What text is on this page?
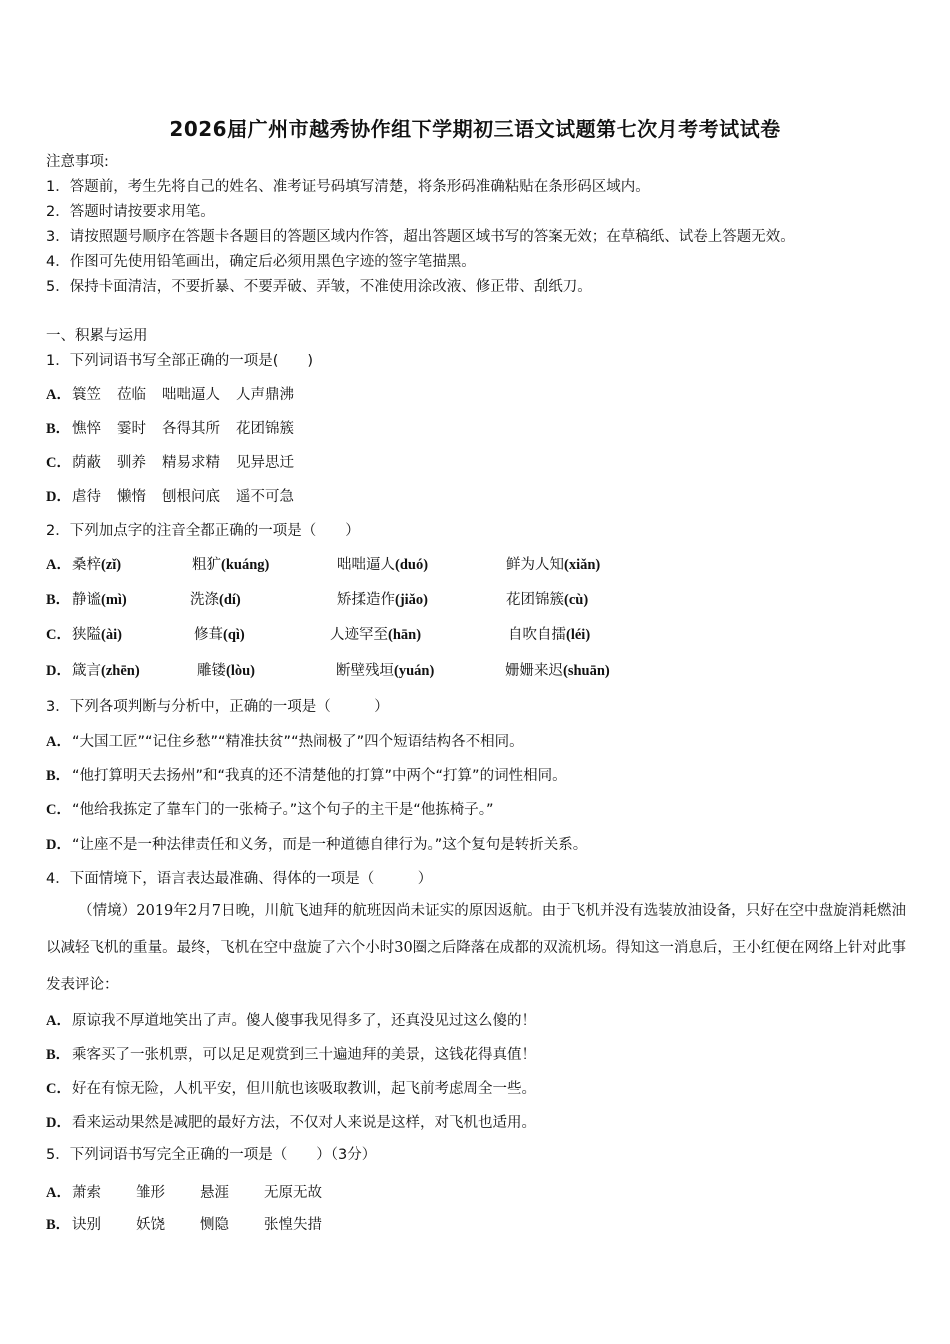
2026届广州市越秀协作组下学期初三语文试题第七次月考考试试卷
注意事项:
1．答题前，考生先将自己的姓名、准考证号码填写清楚，将条形码准确粘贴在条形码区域内。
2．答题时请按要求用笔。
3．请按照题号顺序在答题卡各题目的答题区域内作答，超出答题区域书写的答案无效；在草稿纸、试卷上答题无效。
4．作图可先使用铅笔画出，确定后必须用黑色字迹的签字笔描黑。
5．保持卡面清洁，不要折暴、不要弄破、弄皱，不准使用涂改液、修正带、刮纸刀。
一、积累与运用
1．下列词语书写全部正确的一项是(　　)
A．簑笠 莅临 咄咄逼人 人声鼎沸
B． 憔悴 霎时 各得其所 花团锦簇
C．荫蔽 驯养 精易求精 见异思迁
D．虐待 懒惰 刨根问底 遥不可急
2．下列加点字的注音全都正确的一项是（　　）
A．桑梓(zǐ)	粗犷(kuáng)	咄咄逼人(duó)	鲜为人知(xiǎn)
B． 静谧(mì)	洗涤(dí)	矫揉造作(jiǎo)	花团锦簇(cù)
C．狭隘(ài)	修葺(qì)	人迹罕至(hān)	自吹自擂(léi)
D．箴言(zhēn)	雕镂(lòu)	断壁残垣(yuán)	姗姗来迟(shuān)
3．下列各项判断与分析中，正确的一项是（　　　）
A．“大国工匠”“记住乡愁”“精准扶贫”“热闹极了”四个短语结构各不相同。
B． “他打算明天去扬州”和“我真的还不清楚他的打算”中两个“打算”的词性相同。
C．“他给我拣定了靠车门的一张椅子。”这个句子的主干是“他拣椅子。”
D．“让座不是一种法律责任和义务，而是一种道德自律行为。”这个复句是转折关系。
4．下面情境下，语言表达最准确、得体的一项是（　　　）
（情境）2019年2月7日晚，川航飞迪拜的航班因尚未证实的原因返航。由于飞机并没有选装放油设备，只好在空中盘旋消耗燃油以减轻飞机的重量。最终，飞机在空中盘旋了六个小时30圈之后降落在成都的双流机场。得知这一消息后，王小红便在网络上针对此事发表评论：
A．原谅我不厚道地笑出了声。傻人傻事我见得多了，还真没见过这么傻的！
B． 乘客买了一张机票，可以足足观赏到三十遍迪拜的美景，这钱花得真值！
C．好在有惊无险，人机平安，但川航也该吸取教训，起飞前考虑周全一些。
D．看来运动果然是减肥的最好方法，不仅对人来说是这样，对飞机也适用。
5．下列词语书写完全正确的一项是（　　）（3分）
A．萧索 雏形 悬涯 无原无故
B． 诀别 妖饶 恻隐 张惶失措
